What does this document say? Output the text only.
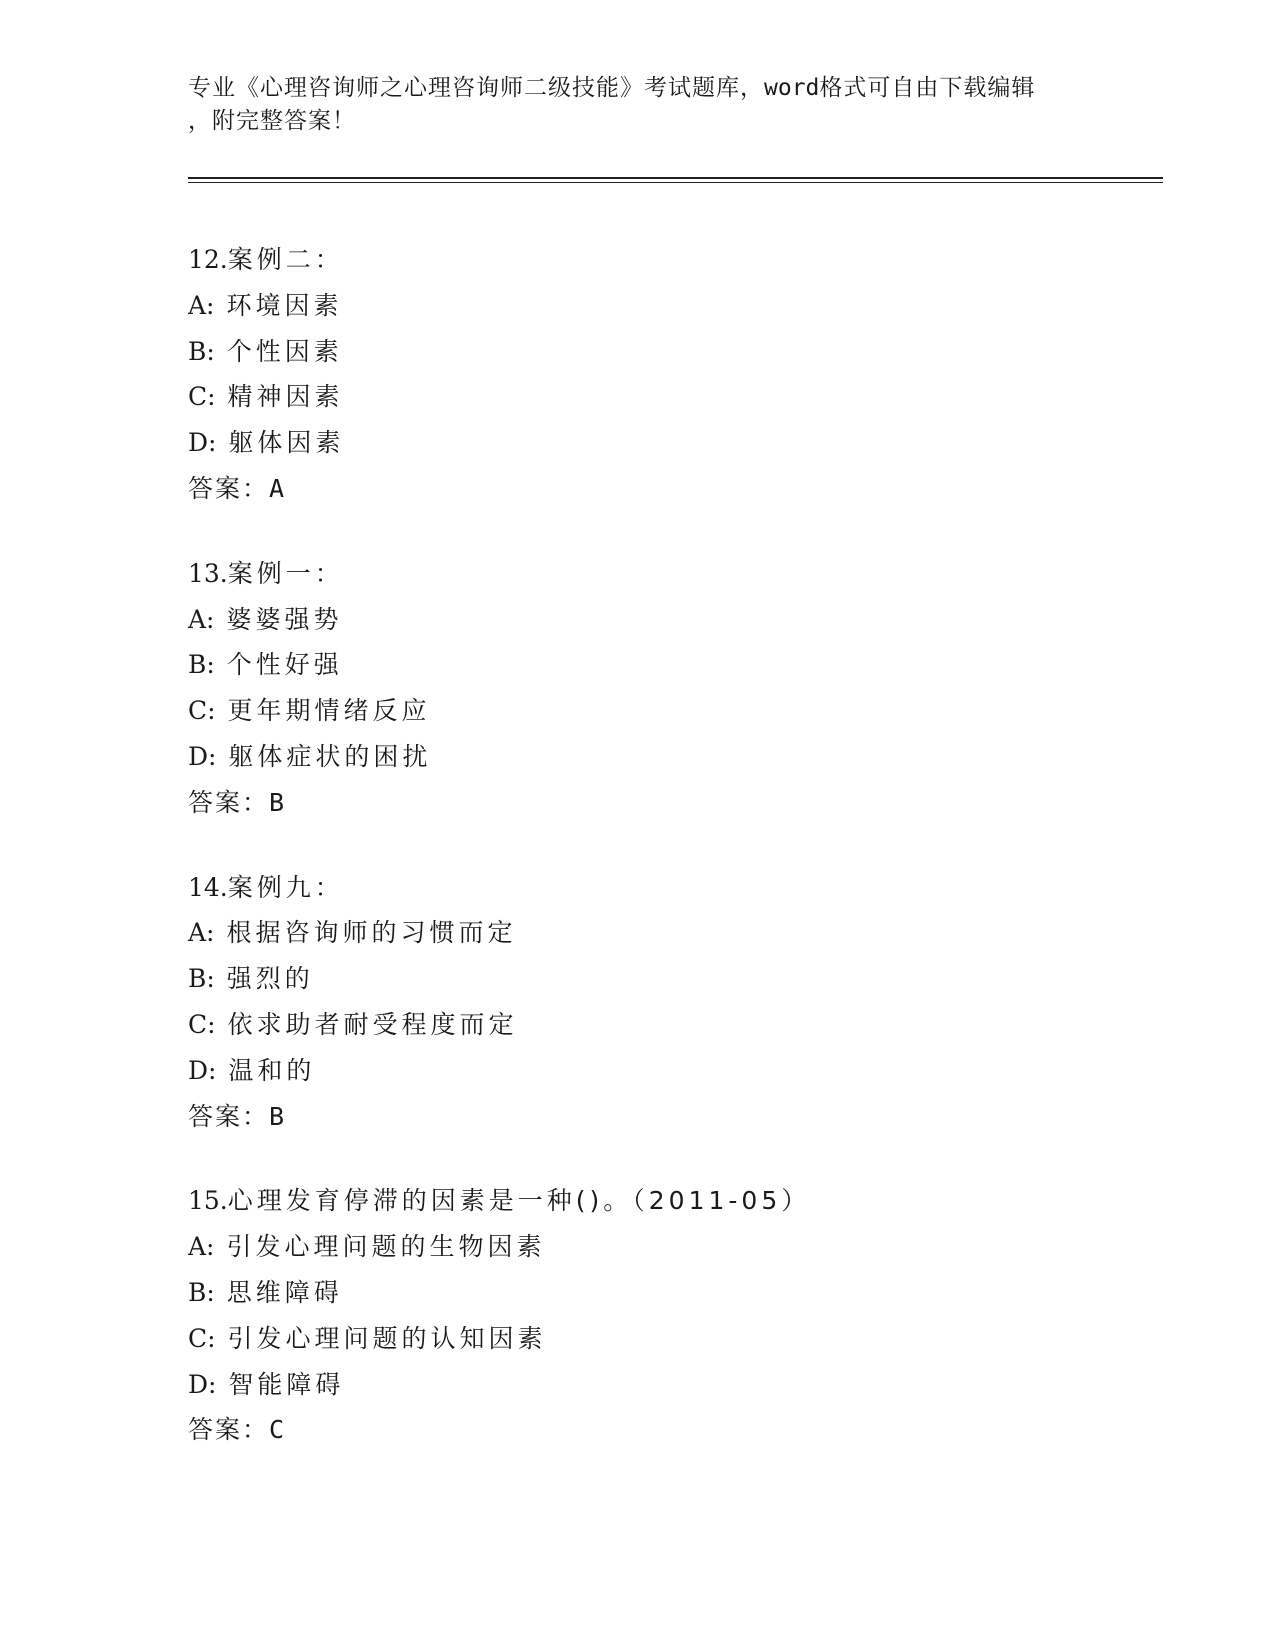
专业《心理咨询师之心理咨询师二级技能》考试题库，word格式可自由下载编辑
，附完整答案！
12.案例二：
A: 环境因素
B: 个性因素
C: 精神因素
D: 躯体因素
答案：A
13.案例一：
A: 婆婆强势
B: 个性好强
C: 更年期情绪反应
D: 躯体症状的困扰
答案：B
14.案例九：
A: 根据咨询师的习惯而定
B: 强烈的
C: 依求助者耐受程度而定
D: 温和的
答案：B
15.心理发育停滞的因素是一种()。（2011-05）
A: 引发心理问题的生物因素
B: 思维障碍
C: 引发心理问题的认知因素
D: 智能障碍
答案：C
